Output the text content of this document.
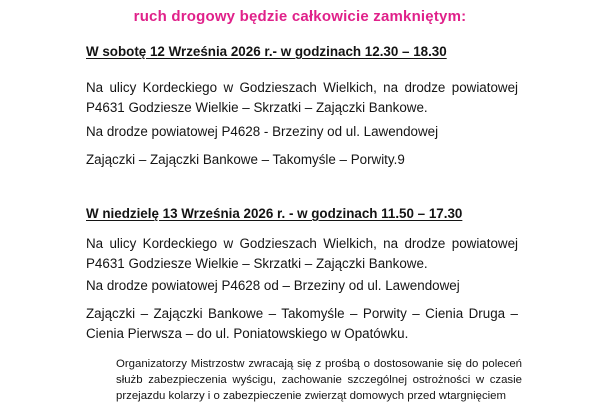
ruch drogowy będzie całkowicie zamkniętym:
W sobotę 12 Września 2026 r.- w godzinach 12.30 – 18.30
Na ulicy Kordeckiego w Godzieszach Wielkich, na drodze powiatowej P4631 Godziesze Wielkie – Skrzatki – Zajączki Bankowe.
Na drodze powiatowej P4628 - Brzeziny od ul. Lawendowej
Zajączki – Zajączki Bankowe – Takomyśle – Porwity.9
W niedzielę 13 Września 2026 r. - w godzinach 11.50 – 17.30
Na ulicy Kordeckiego w Godzieszach Wielkich, na drodze powiatowej P4631 Godziesze Wielkie – Skrzatki – Zajączki Bankowe.
Na drodze powiatowej P4628 od – Brzeziny od ul. Lawendowej
Zajączki – Zajączki Bankowe – Takomyśle – Porwity – Cienia Druga – Cienia Pierwsza – do ul. Poniatowskiego w Opatówku.
Organizatorzy Mistrzostw zwracają się z prośbą o dostosowanie się do poleceń służb zabezpieczenia wyścigu, zachowanie szczególnej ostrożności w czasie przejazdu kolarzy i o zabezpieczenie zwierząt domowych przed wtargnięciem
